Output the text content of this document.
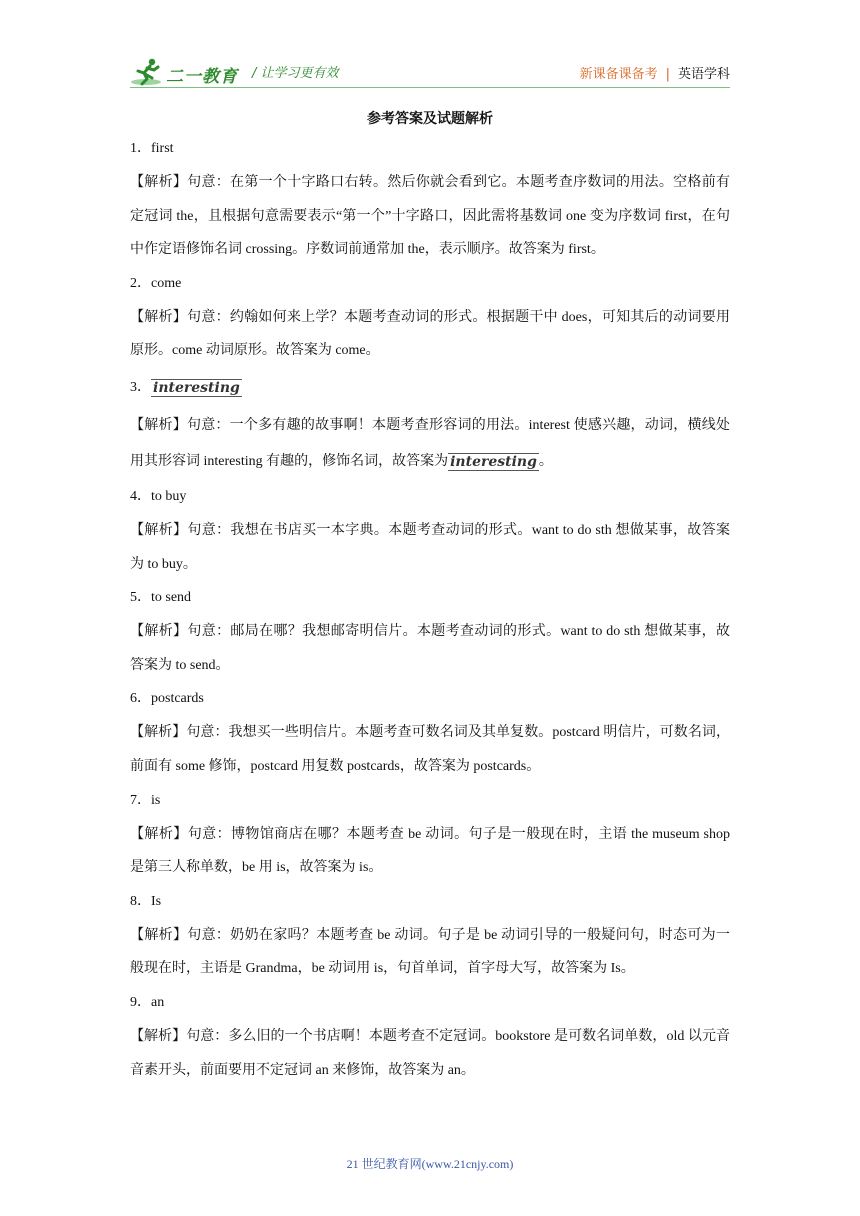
二一教育 / 让学习更有效	新课备课备考 | 英语学科
参考答案及试题解析
1．first
【解析】句意：在第一个十字路口右转。然后你就会看到它。本题考查序数词的用法。空格前有定冠词 the，且根据句意需要表示“第一个”十字路口，因此需将基数词 one 变为序数词 first，在句中作定语修饰名词 crossing。序数词前通常加 the，表示顺序。故答案为 first。
2．come
【解析】句意：约翰如何来上学？本题考查动词的形式。根据题干中 does，可知其后的动词要用原形。come 动词原形。故答案为 come。
3． interesting
【解析】句意：一个多有趣的故事啊！本题考查形容词的用法。interest 使感兴趣，动词，横线处用其形容词 interesting 有趣的，修饰名词，故答案为 interesting 。
4．to buy
【解析】句意：我想在书店买一本字典。本题考查动词的形式。want to do sth 想做某事，故答案为 to buy。
5．to send
【解析】句意：邮局在哪？我想邮寄明信片。本题考查动词的形式。want to do sth 想做某事，故答案为 to send。
6．postcards
【解析】句意：我想买一些明信片。本题考查可数名词及其单复数。postcard 明信片，可数名词，前面有 some 修饰，postcard 用复数 postcards，故答案为 postcards。
7．is
【解析】句意：博物馆商店在哪？本题考查 be 动词。句子是一般现在时，主语 the museum shop 是第三人称单数，be 用 is，故答案为 is。
8．Is
【解析】句意：奶奶在家吗？本题考查 be 动词。句子是 be 动词引导的一般疑问句，时态可为一般现在时，主语是 Grandma，be 动词用 is，句首单词，首字母大写，故答案为 Is。
9．an
【解析】句意：多么旧的一个书店啊！本题考查不定冠词。bookstore 是可数名词单数，old 以元音音素开头，前面要用不定冠词 an 来修饰，故答案为 an。
21 世纪教育网(www.21cnjy.com)
